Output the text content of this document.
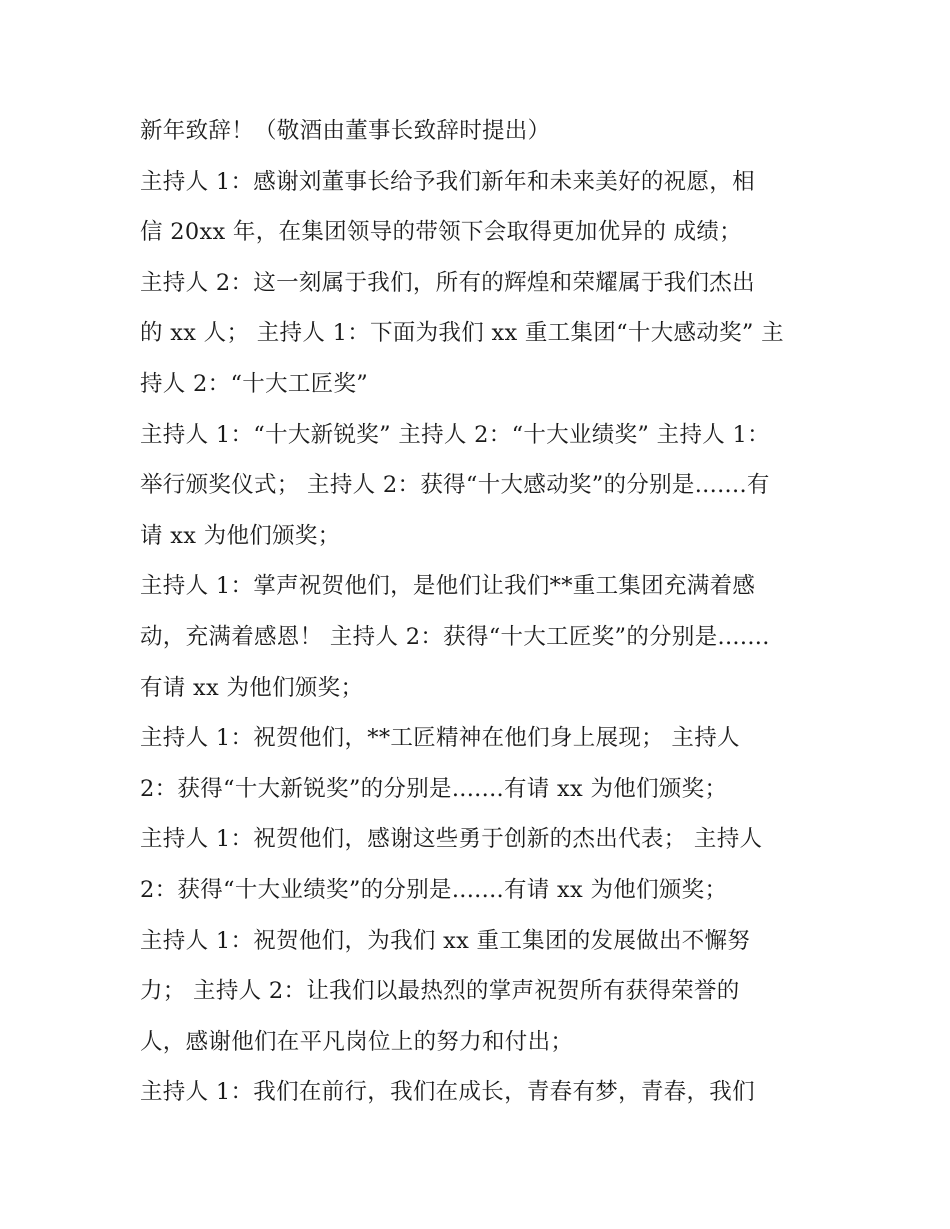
新年致辞！（敬酒由董事长致辞时提出）
主持人 1：感谢刘董事长给予我们新年和未来美好的祝愿，相
信 20xx 年，在集团领导的带领下会取得更加优异的 成绩；
主持人 2：这一刻属于我们，所有的辉煌和荣耀属于我们杰出
的 xx 人； 主持人 1：下面为我们 xx 重工集团“十大感动奖” 主
持人 2：“十大工匠奖”
主持人 1：“十大新锐奖” 主持人 2：“十大业绩奖” 主持人 1：
举行颁奖仪式； 主持人 2：获得“十大感动奖”的分别是.......有
请 xx 为他们颁奖；
主持人 1：掌声祝贺他们，是他们让我们**重工集团充满着感
动，充满着感恩！ 主持人 2：获得“十大工匠奖”的分别是.......
有请 xx 为他们颁奖；
主持人 1：祝贺他们，**工匠精神在他们身上展现； 主持人
2：获得“十大新锐奖”的分别是.......有请 xx 为他们颁奖；
主持人 1：祝贺他们，感谢这些勇于创新的杰出代表； 主持人
2：获得“十大业绩奖”的分别是.......有请 xx 为他们颁奖；
主持人 1：祝贺他们，为我们 xx 重工集团的发展做出不懈努
力； 主持人 2：让我们以最热烈的掌声祝贺所有获得荣誉的
人，感谢他们在平凡岗位上的努力和付出；
主持人 1：我们在前行，我们在成长，青春有梦，青春，我们
